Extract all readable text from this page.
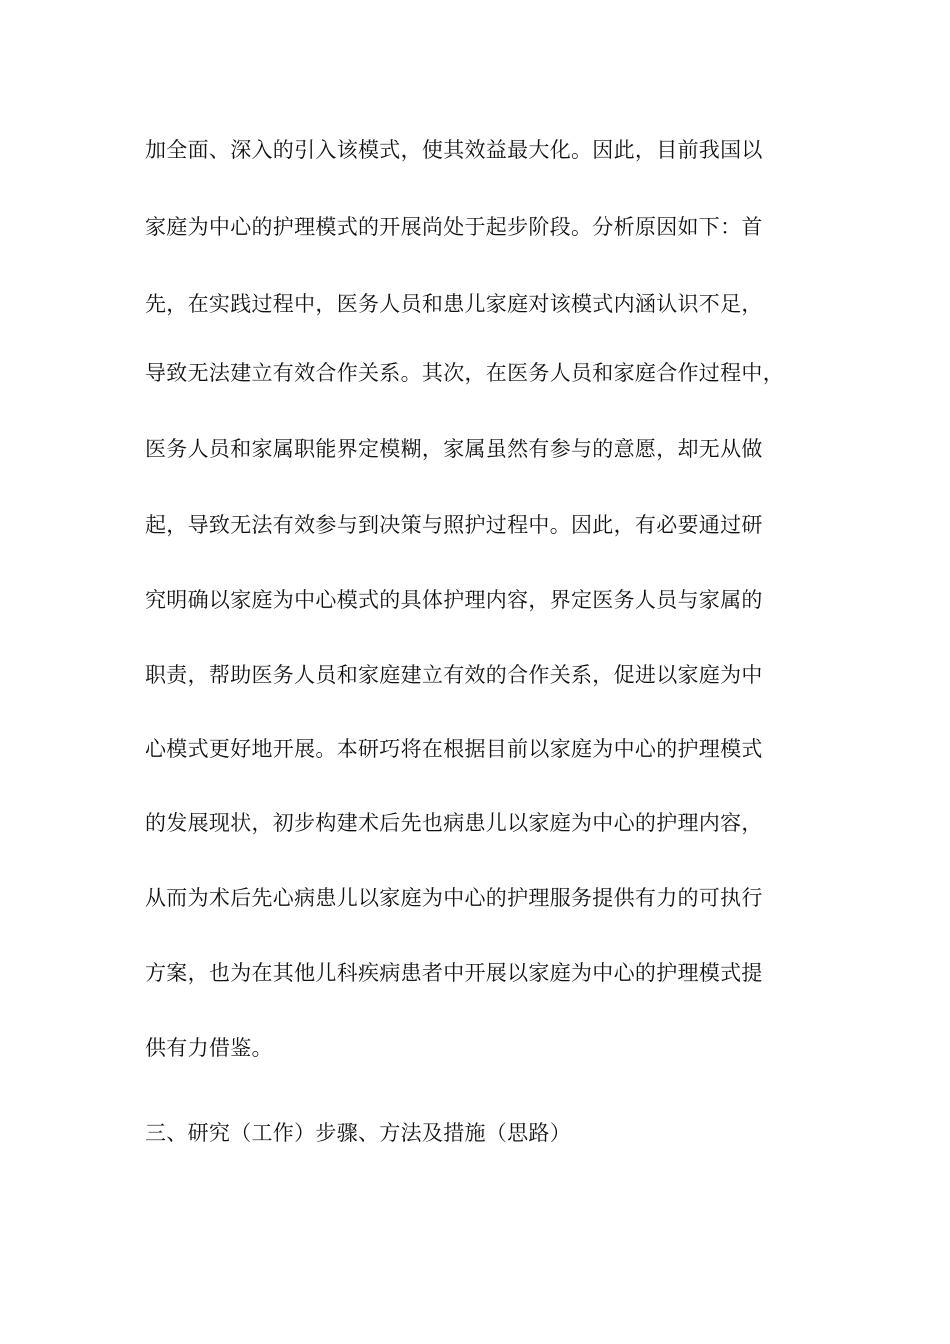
加全面、深入的引入该模式，使其效益最大化。因此，目前我国以
家庭为中心的护理模式的开展尚处于起步阶段。分析原因如下：首
先，在实践过程中，医务人员和患儿家庭对该模式内涵认识不足，
导致无法建立有效合作关系。其次，在医务人员和家庭合作过程中，
医务人员和家属职能界定模糊，家属虽然有参与的意愿，却无从做
起，导致无法有效参与到决策与照护过程中。因此，有必要通过研
究明确以家庭为中心模式的具体护理内容，界定医务人员与家属的
职责，帮助医务人员和家庭建立有效的合作关系，促进以家庭为中
心模式更好地开展。本研巧将在根据目前以家庭为中心的护理模式
的发展现状，初步构建术后先也病患儿以家庭为中心的护理内容，
从而为术后先心病患儿以家庭为中心的护理服务提供有力的可执行
方案，也为在其他儿科疾病患者中开展以家庭为中心的护理模式提
供有力借鉴。
三、研究（工作）步骤、方法及措施（思路）
